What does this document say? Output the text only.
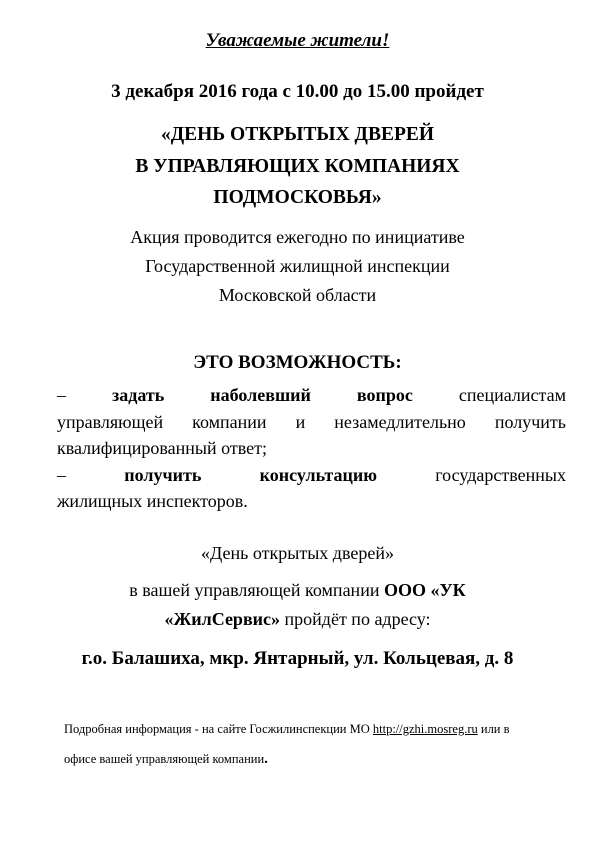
Уважаемые жители!
3 декабря 2016 года с 10.00 до 15.00 пройдет
«ДЕНЬ ОТКРЫТЫХ ДВЕРЕЙ
В УПРАВЛЯЮЩИХ КОМПАНИЯХ
ПОДМОСКОВЬЯ»
Акция проводится ежегодно по инициативе
Государственной жилищной инспекции
Московской области
ЭТО ВОЗМОЖНОСТЬ:
–	задать	наболевший	вопрос	специалистам
управляющей компании и незамедлительно получить
квалифицированный ответ;
–	получить	консультацию	государственных
жилищных инспекторов.
«День открытых дверей»
в вашей управляющей компании ООО «УК
«ЖилСервис» пройдёт по адресу:
г.о. Балашиха, мкр. Янтарный, ул. Кольцевая, д. 8
Подробная информация - на сайте Госжилинспекции МО http://gzhi.mosreg.ru или в
офисе вашей управляющей компании.
